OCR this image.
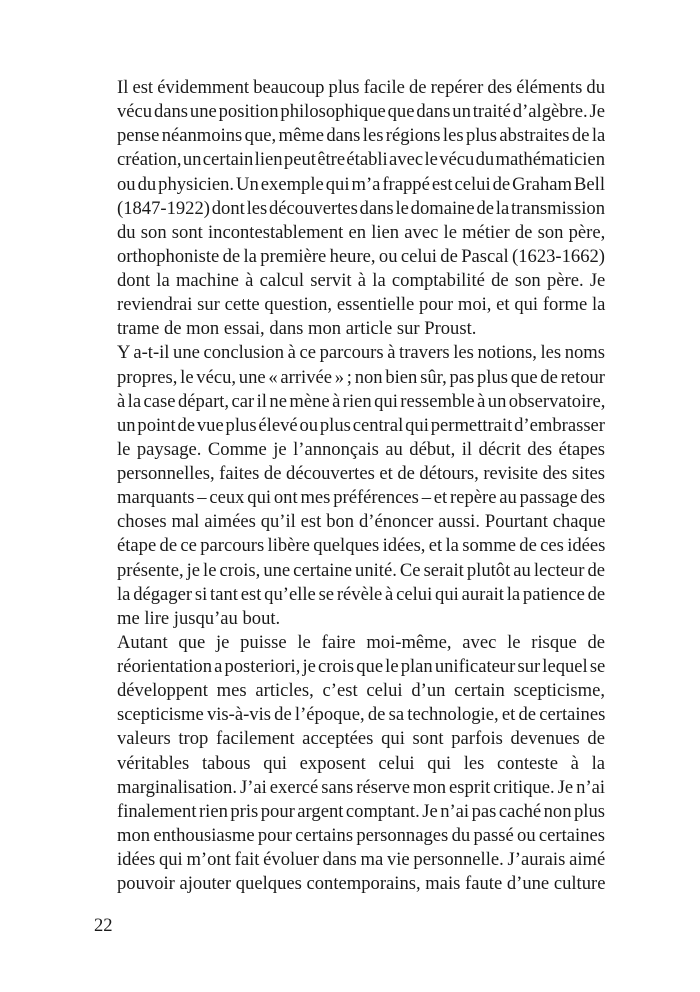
Il est évidemment beaucoup plus facile de repérer des éléments du
vécu dans une position philosophique que dans un traité d’algèbre. Je
pense néanmoins que, même dans les régions les plus abstraites de la
création, un certain lien peut être établi avec le vécu du mathématicien
ou du physicien. Un exemple qui m’a frappé est celui de Graham Bell
(1847-1922) dont les découvertes dans le domaine de la transmission
du son sont incontestablement en lien avec le métier de son père,
orthophoniste de la première heure, ou celui de Pascal (1623-1662)
dont la machine à calcul servit à la comptabilité de son père. Je
reviendrai sur cette question, essentielle pour moi, et qui forme la
trame de mon essai, dans mon article sur Proust.
Y a-t-il une conclusion à ce parcours à travers les notions, les noms
propres, le vécu, une « arrivée » ; non bien sûr, pas plus que de retour
à la case départ, car il ne mène à rien qui ressemble à un observatoire,
un point de vue plus élevé ou plus central qui permettrait d’embrasser
le paysage. Comme je l’annonçais au début, il décrit des étapes
personnelles, faites de découvertes et de détours, revisite des sites
marquants – ceux qui ont mes préférences – et repère au passage des
choses mal aimées qu’il est bon d’énoncer aussi. Pourtant chaque
étape de ce parcours libère quelques idées, et la somme de ces idées
présente, je le crois, une certaine unité. Ce serait plutôt au lecteur de
la dégager si tant est qu’elle se révèle à celui qui aurait la patience de
me lire jusqu’au bout.
Autant que je puisse le faire moi-même, avec le risque de
réorientation a posteriori, je crois que le plan unificateur sur lequel se
développent mes articles, c’est celui d’un certain scepticisme,
scepticisme vis-à-vis de l’époque, de sa technologie, et de certaines
valeurs trop facilement acceptées qui sont parfois devenues de
véritables tabous qui exposent celui qui les conteste à la
marginalisation. J’ai exercé sans réserve mon esprit critique. Je n’ai
finalement rien pris pour argent comptant. Je n’ai pas caché non plus
mon enthousiasme pour certains personnages du passé ou certaines
idées qui m’ont fait évoluer dans ma vie personnelle. J’aurais aimé
pouvoir ajouter quelques contemporains, mais faute d’une culture
22
